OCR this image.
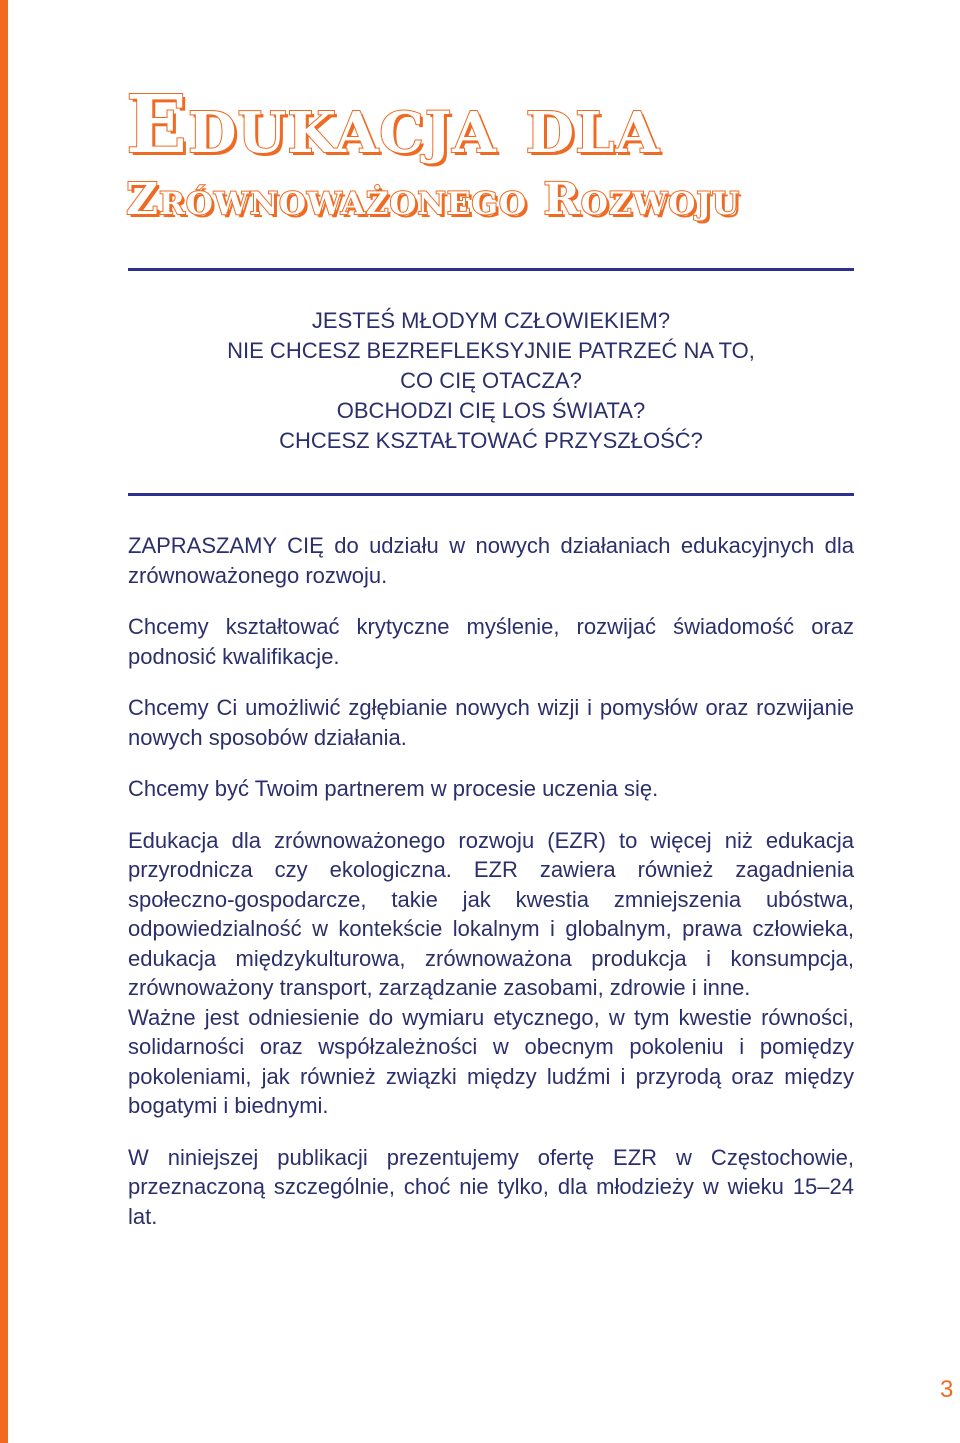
Edukacja dla
Zrównoważonego Rozwoju
JESTEŚ MŁODYM CZŁOWIEKIEM?
NIE CHCESZ BEZREFLEKSYJNIE PATRZEĆ NA TO,
CO CIĘ OTACZA?
OBCHODZI CIĘ LOS ŚWIATA?
CHCESZ KSZTAŁTOWAĆ PRZYSZŁOŚĆ?

ZAPRASZAMY CIĘ do udziału w nowych działaniach edukacyjnych dla zrównoważonego rozwoju.

Chcemy kształtować krytyczne myślenie, rozwijać świadomość oraz podnosić kwalifikacje.

Chcemy Ci umożliwić zgłębianie nowych wizji i pomysłów oraz rozwijanie nowych sposobów działania.

Chcemy być Twoim partnerem w procesie uczenia się.

Edukacja dla zrównoważonego rozwoju (EZR) to więcej niż edukacja przyrodnicza czy ekologiczna. EZR zawiera również zagadnienia społeczno-gospodarcze, takie jak kwestia zmniejszenia ubóstwa, odpowiedzialność w kontekście lokalnym i globalnym, prawa człowieka, edukacja międzykulturowa, zrównoważona produkcja i konsumpcja, zrównoważony transport, zarządzanie zasobami, zdrowie i inne.

Ważne jest odniesienie do wymiaru etycznego, w tym kwestie równości, solidarności oraz współzależności w obecnym pokoleniu i pomiędzy pokoleniami, jak również związki między ludźmi i przyrodą oraz między bogatymi i biednymi.

W niniejszej publikacji prezentujemy ofertę EZR w Częstochowie, przeznaczoną szczególnie, choć nie tylko, dla młodzieży w wieku 15–24 lat.

3
